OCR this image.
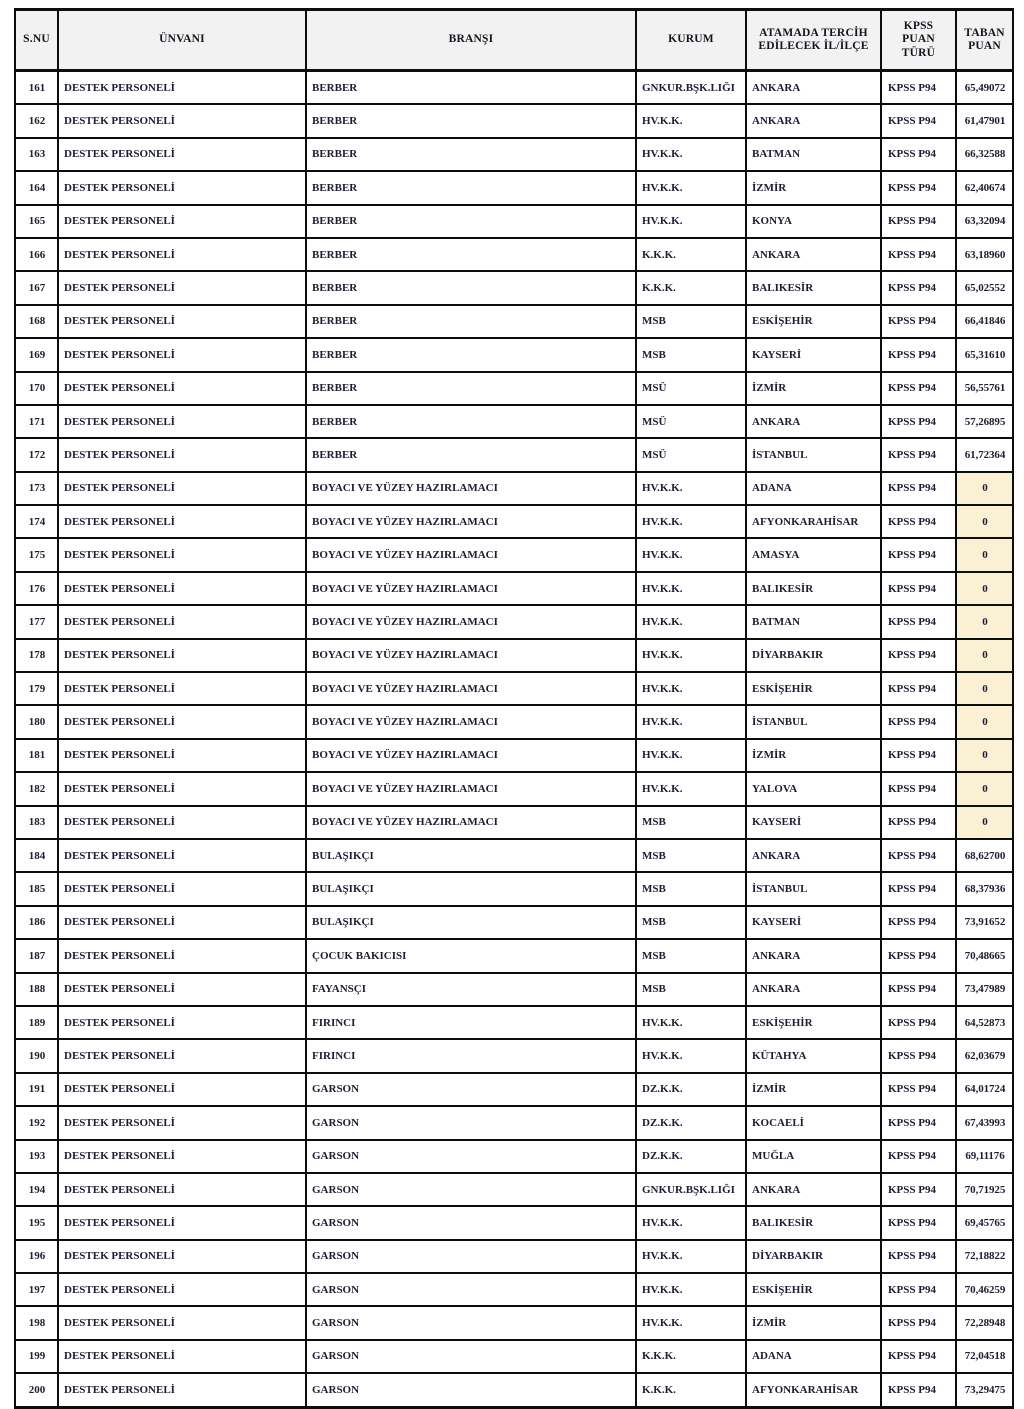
S.NU	ÜNVANI	BRANŞI	KURUM	ATAMADA TERCİH
EDİLECEK İL/İLÇE	KPSS
PUAN
TÜRÜ	TABAN
PUAN

161	DESTEK PERSONELİ	BERBER	GNKUR.BŞK.LIĞI	ANKARA	KPSS P94	65,49072
162	DESTEK PERSONELİ	BERBER	HV.K.K.	ANKARA	KPSS P94	61,47901
163	DESTEK PERSONELİ	BERBER	HV.K.K.	BATMAN	KPSS P94	66,32588
164	DESTEK PERSONELİ	BERBER	HV.K.K.	İZMİR	KPSS P94	62,40674
165	DESTEK PERSONELİ	BERBER	HV.K.K.	KONYA	KPSS P94	63,32094
166	DESTEK PERSONELİ	BERBER	K.K.K.	ANKARA	KPSS P94	63,18960
167	DESTEK PERSONELİ	BERBER	K.K.K.	BALIKESİR	KPSS P94	65,02552
168	DESTEK PERSONELİ	BERBER	MSB	ESKİŞEHİR	KPSS P94	66,41846
169	DESTEK PERSONELİ	BERBER	MSB	KAYSERİ	KPSS P94	65,31610
170	DESTEK PERSONELİ	BERBER	MSÜ	İZMİR	KPSS P94	56,55761
171	DESTEK PERSONELİ	BERBER	MSÜ	ANKARA	KPSS P94	57,26895
172	DESTEK PERSONELİ	BERBER	MSÜ	İSTANBUL	KPSS P94	61,72364
173	DESTEK PERSONELİ	BOYACI VE YÜZEY HAZIRLAMACI	HV.K.K.	ADANA	KPSS P94	0
174	DESTEK PERSONELİ	BOYACI VE YÜZEY HAZIRLAMACI	HV.K.K.	AFYONKARAHİSAR	KPSS P94	0
175	DESTEK PERSONELİ	BOYACI VE YÜZEY HAZIRLAMACI	HV.K.K.	AMASYA	KPSS P94	0
176	DESTEK PERSONELİ	BOYACI VE YÜZEY HAZIRLAMACI	HV.K.K.	BALIKESİR	KPSS P94	0
177	DESTEK PERSONELİ	BOYACI VE YÜZEY HAZIRLAMACI	HV.K.K.	BATMAN	KPSS P94	0
178	DESTEK PERSONELİ	BOYACI VE YÜZEY HAZIRLAMACI	HV.K.K.	DİYARBAKIR	KPSS P94	0
179	DESTEK PERSONELİ	BOYACI VE YÜZEY HAZIRLAMACI	HV.K.K.	ESKİŞEHİR	KPSS P94	0
180	DESTEK PERSONELİ	BOYACI VE YÜZEY HAZIRLAMACI	HV.K.K.	İSTANBUL	KPSS P94	0
181	DESTEK PERSONELİ	BOYACI VE YÜZEY HAZIRLAMACI	HV.K.K.	İZMİR	KPSS P94	0
182	DESTEK PERSONELİ	BOYACI VE YÜZEY HAZIRLAMACI	HV.K.K.	YALOVA	KPSS P94	0
183	DESTEK PERSONELİ	BOYACI VE YÜZEY HAZIRLAMACI	MSB	KAYSERİ	KPSS P94	0
184	DESTEK PERSONELİ	BULAŞIKÇI	MSB	ANKARA	KPSS P94	68,62700
185	DESTEK PERSONELİ	BULAŞIKÇI	MSB	İSTANBUL	KPSS P94	68,37936
186	DESTEK PERSONELİ	BULAŞIKÇI	MSB	KAYSERİ	KPSS P94	73,91652
187	DESTEK PERSONELİ	ÇOCUK BAKICISI	MSB	ANKARA	KPSS P94	70,48665
188	DESTEK PERSONELİ	FAYANSÇI	MSB	ANKARA	KPSS P94	73,47989
189	DESTEK PERSONELİ	FIRINCI	HV.K.K.	ESKİŞEHİR	KPSS P94	64,52873
190	DESTEK PERSONELİ	FIRINCI	HV.K.K.	KÜTAHYA	KPSS P94	62,03679
191	DESTEK PERSONELİ	GARSON	DZ.K.K.	İZMİR	KPSS P94	64,01724
192	DESTEK PERSONELİ	GARSON	DZ.K.K.	KOCAELİ	KPSS P94	67,43993
193	DESTEK PERSONELİ	GARSON	DZ.K.K.	MUĞLA	KPSS P94	69,11176
194	DESTEK PERSONELİ	GARSON	GNKUR.BŞK.LIĞI	ANKARA	KPSS P94	70,71925
195	DESTEK PERSONELİ	GARSON	HV.K.K.	BALIKESİR	KPSS P94	69,45765
196	DESTEK PERSONELİ	GARSON	HV.K.K.	DİYARBAKIR	KPSS P94	72,18822
197	DESTEK PERSONELİ	GARSON	HV.K.K.	ESKİŞEHİR	KPSS P94	70,46259
198	DESTEK PERSONELİ	GARSON	HV.K.K.	İZMİR	KPSS P94	72,28948
199	DESTEK PERSONELİ	GARSON	K.K.K.	ADANA	KPSS P94	72,04518
200	DESTEK PERSONELİ	GARSON	K.K.K.	AFYONKARAHİSAR	KPSS P94	73,29475
